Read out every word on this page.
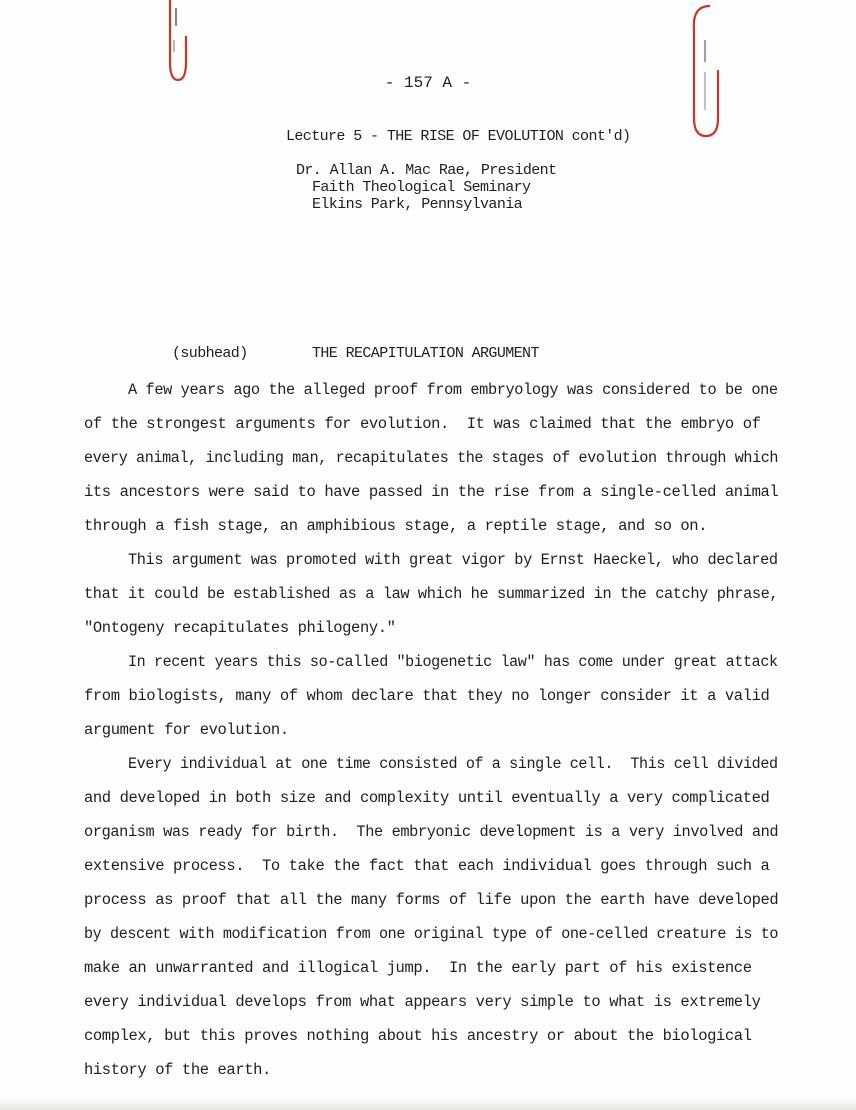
- 157 A -
Lecture 5 - THE RISE OF EVOLUTION cont'd)
Dr. Allan A. Mac Rae, President
Faith Theological Seminary
Elkins Park, Pennsylvania
(subhead)	THE RECAPITULATION ARGUMENT
A few years ago the alleged proof from embryology was considered to be one
of the strongest arguments for evolution.  It was claimed that the embryo of
every animal, including man, recapitulates the stages of evolution through which
its ancestors were said to have passed in the rise from a single-celled animal
through a fish stage, an amphibious stage, a reptile stage, and so on.
This argument was promoted with great vigor by Ernst Haeckel, who declared
that it could be established as a law which he summarized in the catchy phrase,
"Ontogeny recapitulates philogeny."
In recent years this so-called "biogenetic law" has come under great attack
from biologists, many of whom declare that they no longer consider it a valid
argument for evolution.
Every individual at one time consisted of a single cell.  This cell divided
and developed in both size and complexity until eventually a very complicated
organism was ready for birth.  The embryonic development is a very involved and
extensive process.  To take the fact that each individual goes through such a
process as proof that all the many forms of life upon the earth have developed
by descent with modification from one original type of one-celled creature is to
make an unwarranted and illogical jump.  In the early part of his existence
every individual develops from what appears very simple to what is extremely
complex, but this proves nothing about his ancestry or about the biological
history of the earth.
